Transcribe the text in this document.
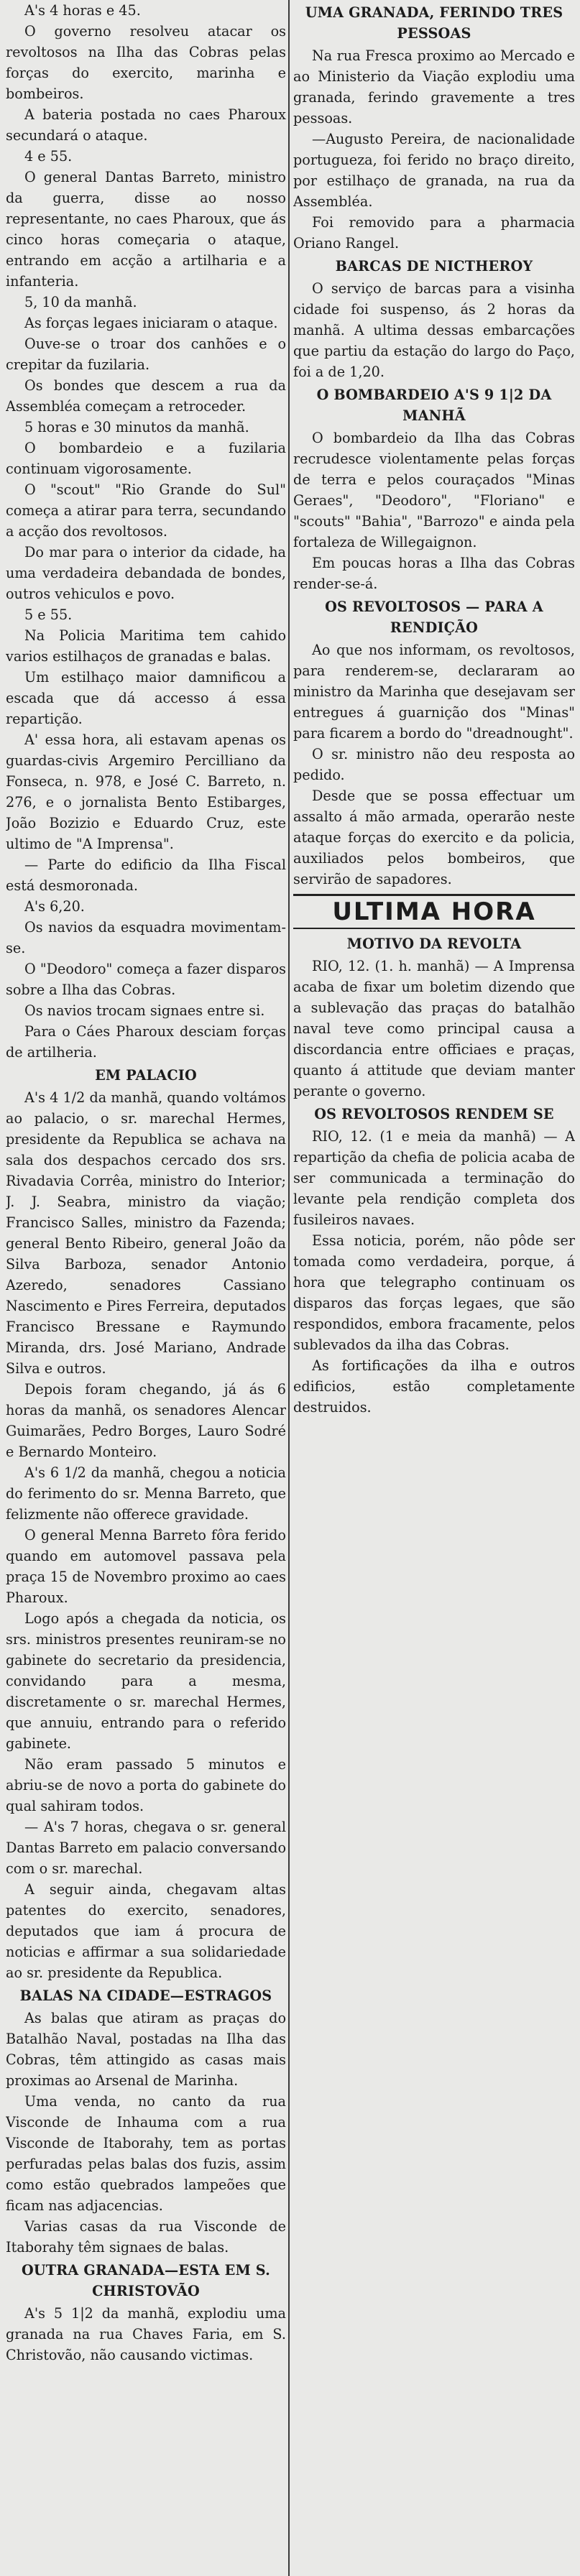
A's 4 horas e 45.

O governo resolveu atacar os revoltosos na Ilha das Cobras pelas forças do exercito, marinha e bombeiros.

A bateria postada no caes Pharoux secundará o ataque.

4 e 55.

O general Dantas Barreto, ministro da guerra, disse ao nosso representante, no caes Pharoux, que ás cinco horas começaria o ataque, entrando em acção a artilharia e a infanteria.

5, 10 da manhã.

As forças legaes iniciaram o ataque.

Ouve-se o troar dos canhões e o crepitar da fuzilaria.

Os bondes que descem a rua da Assembléa começam a retroceder.

5 horas e 30 minutos da manhã.

O bombardeio e a fuzilaria continuam vigorosamente.

O "scout" "Rio Grande do Sul" começa a atirar para terra, secundando a acção dos revoltosos.

Do mar para o interior da cidade, ha uma verdadeira debandada de bondes, outros vehiculos e povo.

5 e 55.

Na Policia Maritima tem cahido varios estilhaços de granadas e balas.

Um estilhaço maior damnificou a escada que dá accesso á essa repartição.

A' essa hora, ali estavam apenas os guardas-civis Argemiro Percilliano da Fonseca, n. 978, e José C. Barreto, n. 276, e o jornalista Bento Estibarges, João Bozizio e Eduardo Cruz, este ultimo de "A Imprensa".

— Parte do edificio da Ilha Fiscal está desmoronada.

A's 6,20.

Os navios da esquadra movimentam-se.

O "Deodoro" começa a fazer disparos sobre a Ilha das Cobras.

Os navios trocam signaes entre si.

Para o Cáes Pharoux desciam forças de artilheria.

EM PALACIO

A's 4 1/2 da manhã, quando voltámos ao palacio, o sr. marechal Hermes, presidente da Republica se achava na sala dos despachos cercado dos srs. Rivadavia Corrêa, ministro do Interior; J. J. Seabra, ministro da viação; Francisco Salles, ministro da Fazenda; general Bento Ribeiro, general João da Silva Barboza, senador Antonio Azeredo, senadores Cassiano Nascimento e Pires Ferreira, deputados Francisco Bressane e Raymundo Miranda, drs. José Mariano, Andrade Silva e outros.

Depois foram chegando, já ás 6 horas da manhã, os senadores Alencar Guimarães, Pedro Borges, Lauro Sodré e Bernardo Monteiro.

A's 6 1/2 da manhã, chegou a noticia do ferimento do sr. Menna Barreto, que felizmente não offerece gravidade.

O general Menna Barreto fôra ferido quando em automovel passava pela praça 15 de Novembro proximo ao caes Pharoux.

Logo após a chegada da noticia, os srs. ministros presentes reuniram-se no gabinete do secretario da presidencia, convidando para a mesma, discretamente o sr. marechal Hermes, que annuiu, entrando para o referido gabinete.

Não eram passado 5 minutos e abriu-se de novo a porta do gabinete do qual sahiram todos.

— A's 7 horas, chegava o sr. general Dantas Barreto em palacio conversando com o sr. marechal.

A seguir ainda, chegavam altas patentes do exercito, senadores, deputados que iam á procura de noticias e affirmar a sua solidariedade ao sr. presidente da Republica.

BALAS NA CIDADE—ESTRAGOS

As balas que atiram as praças do Batalhão Naval, postadas na Ilha das Cobras, têm attingido as casas mais proximas ao Arsenal de Marinha.

Uma venda, no canto da rua Visconde de Inhauma com a rua Visconde de Itaborahy, tem as portas perfuradas pelas balas dos fuzis, assim como estão quebrados lampeões que ficam nas adjacencias.

Varias casas da rua Visconde de Itaborahy têm signaes de balas.

OUTRA GRANADA—ESTA EM S. CHRISTOVÃO

A's 5 1|2 da manhã, explodiu uma granada na rua Chaves Faria, em S. Christovão, não causando victimas.

UMA GRANADA, FERINDO TRES PESSOAS

Na rua Fresca proximo ao Mercado e ao Ministerio da Viação explodiu uma granada, ferindo gravemente a tres pessoas.

—Augusto Pereira, de nacionalidade portugueza, foi ferido no braço direito, por estilhaço de granada, na rua da Assembléa.

Foi removido para a pharmacia Oriano Rangel.

BARCAS DE NICTHEROY

O serviço de barcas para a visinha cidade foi suspenso, ás 2 horas da manhã. A ultima dessas embarcações que partiu da estação do largo do Paço, foi a de 1,20.

O BOMBARDEIO A'S 9 1|2 DA MANHÃ

O bombardeio da Ilha das Cobras recrudesce violentamente pelas forças de terra e pelos couraçados "Minas Geraes", "Deodoro", "Floriano" e "scouts" "Bahia", "Barrozo" e ainda pela fortaleza de Willegaignon.

Em poucas horas a Ilha das Cobras render-se-á.

OS REVOLTOSOS — PARA A RENDIÇÃO

Ao que nos informam, os revoltosos, para renderem-se, declararam ao ministro da Marinha que desejavam ser entregues á guarnição dos "Minas" para ficarem a bordo do "dreadnought".

O sr. ministro não deu resposta ao pedido.

Desde que se possa effectuar um assalto á mão armada, operarão neste ataque forças do exercito e da policia, auxiliados pelos bombeiros, que servirão de sapadores.

ULTIMA HORA
MOTIVO DA REVOLTA

RIO, 12. (1. h. manhã) — A Imprensa acaba de fixar um boletim dizendo que a sublevação das praças do batalhão naval teve como principal causa a discordancia entre officiaes e praças, quanto á attitude que deviam manter perante o governo.

OS REVOLTOSOS RENDEM SE

RIO, 12. (1 e meia da manhã) — A repartição da chefia de policia acaba de ser communicada a terminação do levante pela rendição completa dos fusileiros navaes.

Essa noticia, porém, não pôde ser tomada como verdadeira, porque, á hora que telegrapho continuam os disparos das forças legaes, que são respondidos, embora fracamente, pelos sublevados da ilha das Cobras.

As fortificações da ilha e outros edificios, estão completamente destruidos.
